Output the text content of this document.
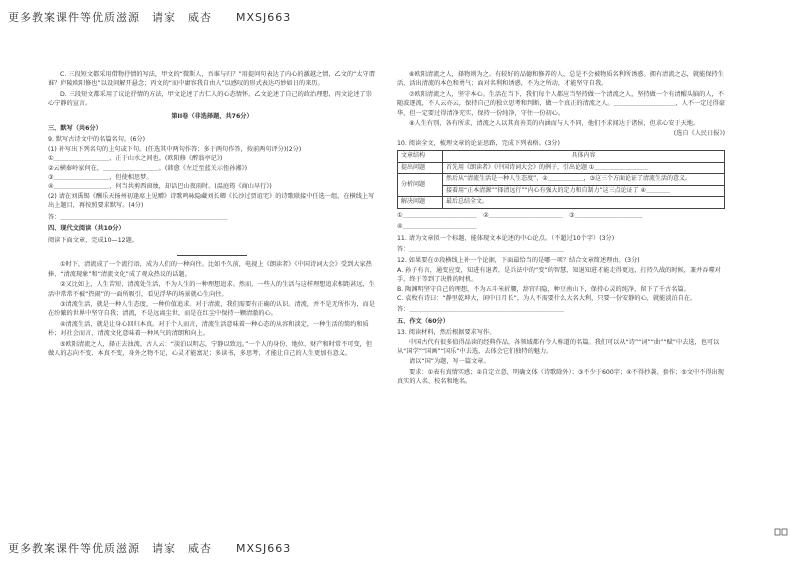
更多教案课件等优质滋源　请家　威杏　　MXSJ663

C. 三段短文都采用借物抒情的写法，甲文的“微斯人，吾谁与归？”用提问句表达了内心的激越之情，乙文的“太守谓谁？庐陵欧阳修也”以设问解开悬念；丙文的“而中庸容我自由人”以感叹的形式表达巧妙如日的来历。

D. 三段短文都采用了议论抒情的方法，甲文论述了古仁人的心态情怀，乙文论述了自己的政治理想，丙文论述了崇心宁静的宣言。

第II卷（非选择题，共76分）
三、默写（共6分）
9. 默写古诗文中的名篇名句。(6分)
(1) 补写出下列名句的上句或下句。(任选其中两句作答；多于两句作答，按前两句评分)(2分)
①＿＿＿＿＿＿＿＿＿，正于山水之间也。(欧阳修《醉翁亭记》)
②云横秦岭家何在，＿＿＿＿＿＿＿＿＿。(韩愈《左迁至蓝关示侄孙湘》)
③＿＿＿＿＿＿＿＿＿，但使相思梦。
④＿＿＿＿＿＿＿＿＿，何当共剪西窗烛，却话巴山夜雨时。(温庭筠《商山早行》)
(2) 请在刘禹锡《酬乐天扬州初逢席上见赠》诗歌鸣咏隐藏刘长卿《长沙过贾谊宅》的诗歌联接中任选一组，在横线上写出上题目，再按照要求默写。(4分)
答：＿＿＿＿＿＿＿＿＿＿＿＿＿＿＿＿＿＿＿＿＿＿＿＿＿＿＿
四、现代文阅读（共10分）
阅读下面文章，完成10—12题。

①时下，清流成了一个流行语，成为人们的一种向往。比如不久前，电视上《朗读者》《中国诗词大会》受到大家热捧，“清流现象”和“清流文化”成了观众热议的话题。

②又比如上，人生苦短，清流处生活，不为人生的一种理想追求。然而，一些人的生活与这样理想追求相距甚远，生活中常常不被“热闹”的一面所吸引，看见浮华的场景就心生向往。

③清流生活，就是一种人生态度，一种价值追求。对于清流，我们需要有正确的认识。清流，并不是无所作为，而是在纷繁的世界中坚守自我；清流，不是远离尘世，而是在红尘中保持一颗清澈的心。

④清流生活，就是让身心回归本真。对于个人而言，清流生活意味着一种心态的从容和淡定，一种生活的简约和质朴；对社会而言，清流文化意味着一种风气的清朗和向上。

⑤欧阳清流之人，择正去浊流。古人云：“淡泊以明志，宁静以致远。”一个人的身份、地位、财产和时常不可变，但做人的志向不变、本真不变，身外之物不足，心灵才能富足；多读书，多思考，才能让自己的人生更加有意义。

⑥欧阳清流之人，择物则为之。有较好的品德和修养的人，总是不会被物质名利所诱惑。拥有清流之志，就能保持生活、活出清流的本色和勇气；面对名利和诱惑，不为之所动，才能坚守自我。

⑦欧阳清流之人，坚守本心。生活在当下，我们每个人都应当坚持做一个清流之人，坚持做一个有清醒头脑的人，不随波逐流，不人云亦云，保持自己的独立思考和判断，做一个真正的清流之人。＿＿＿＿＿＿＿＿＿＿，人不一定过得豪华，但一定要过得清净充实，保持一份纯净，守住一份初心。

⑧人生有别，各有所求，清流之人以其真善美的内涵而与人不同，他们不求闻达于诸侯，但求心安于天地。

(选自《人民日报》)
10. 阅读全文，梳理文章的论证思路，完成下列表格。(3分)
文章结构	具体内容
提出问题	首先用《朗读者》《中国诗词大会》的例子，引出论题 ①＿＿＿＿＿＿＿＿＿
分析问题	然后从“清流生活是一种人生态度”，②＿＿＿＿＿＿，③这三个方面论证了清流生活的意义。
	接着用“正本清源”“择清远行”“内心有强大的定力和自制力”这三点论证了 ④＿＿＿＿
解决问题	最后总结全文。
①＿＿＿＿＿＿＿＿＿＿＿＿　②＿＿＿＿＿＿＿＿＿＿＿＿　③＿＿＿＿＿＿＿＿＿＿＿
④＿＿＿＿＿＿＿＿＿＿＿＿
11. 请为文章拟一个标题，能体现文本论述的中心论点。（不超过10个字）(3分)
答：＿＿＿＿＿＿＿＿＿＿＿＿＿＿＿＿＿＿＿＿＿＿＿＿＿
12. 如果要在⑦段横线上补一个论据，下面最恰当的是哪一项？结合文章简述理由。(3分)
A. 孙子有言，通变应变，知进有退者，是兵法中的“变”的智慧，知退知进才能走得更远，打持久战的时候，兼并吞噬对手，终于等到了决胜的时机。
B. 陶渊明坚守自己的理想，不为五斗米折腰，辞官归隐，种豆南山下，保持心灵的纯净，留下了千古名篇。
C. 袁枚有诗曰：“静里乾坤大，闲中日月长”，为人不需要什么大名大利，只要一份安静的心，就能淡泊自在。
答：＿＿＿＿＿＿＿＿＿＿＿＿＿＿＿＿＿＿＿＿＿＿＿＿＿
五、作文（60分）
13. 阅读材料，然后根据要求写作。

中国古代有很多值得品读的经典作品，各领域都有令人称道的名篇。我们可以从“诗”“词”“曲”“赋”中去选，也可以从“国学”“国画”“国乐”中去选，去体会它们独特的魅力。

请以“国”为题，写一篇文章。

要求：①表有真情实感；②自定立意，明确文体（诗歌除外）；③不少于600字；④不得抄袭、套作；⑤文中不得出现真实的人名、校名和地名。

更多教案课件等优质滋源　请家　威杏　　MXSJ663
